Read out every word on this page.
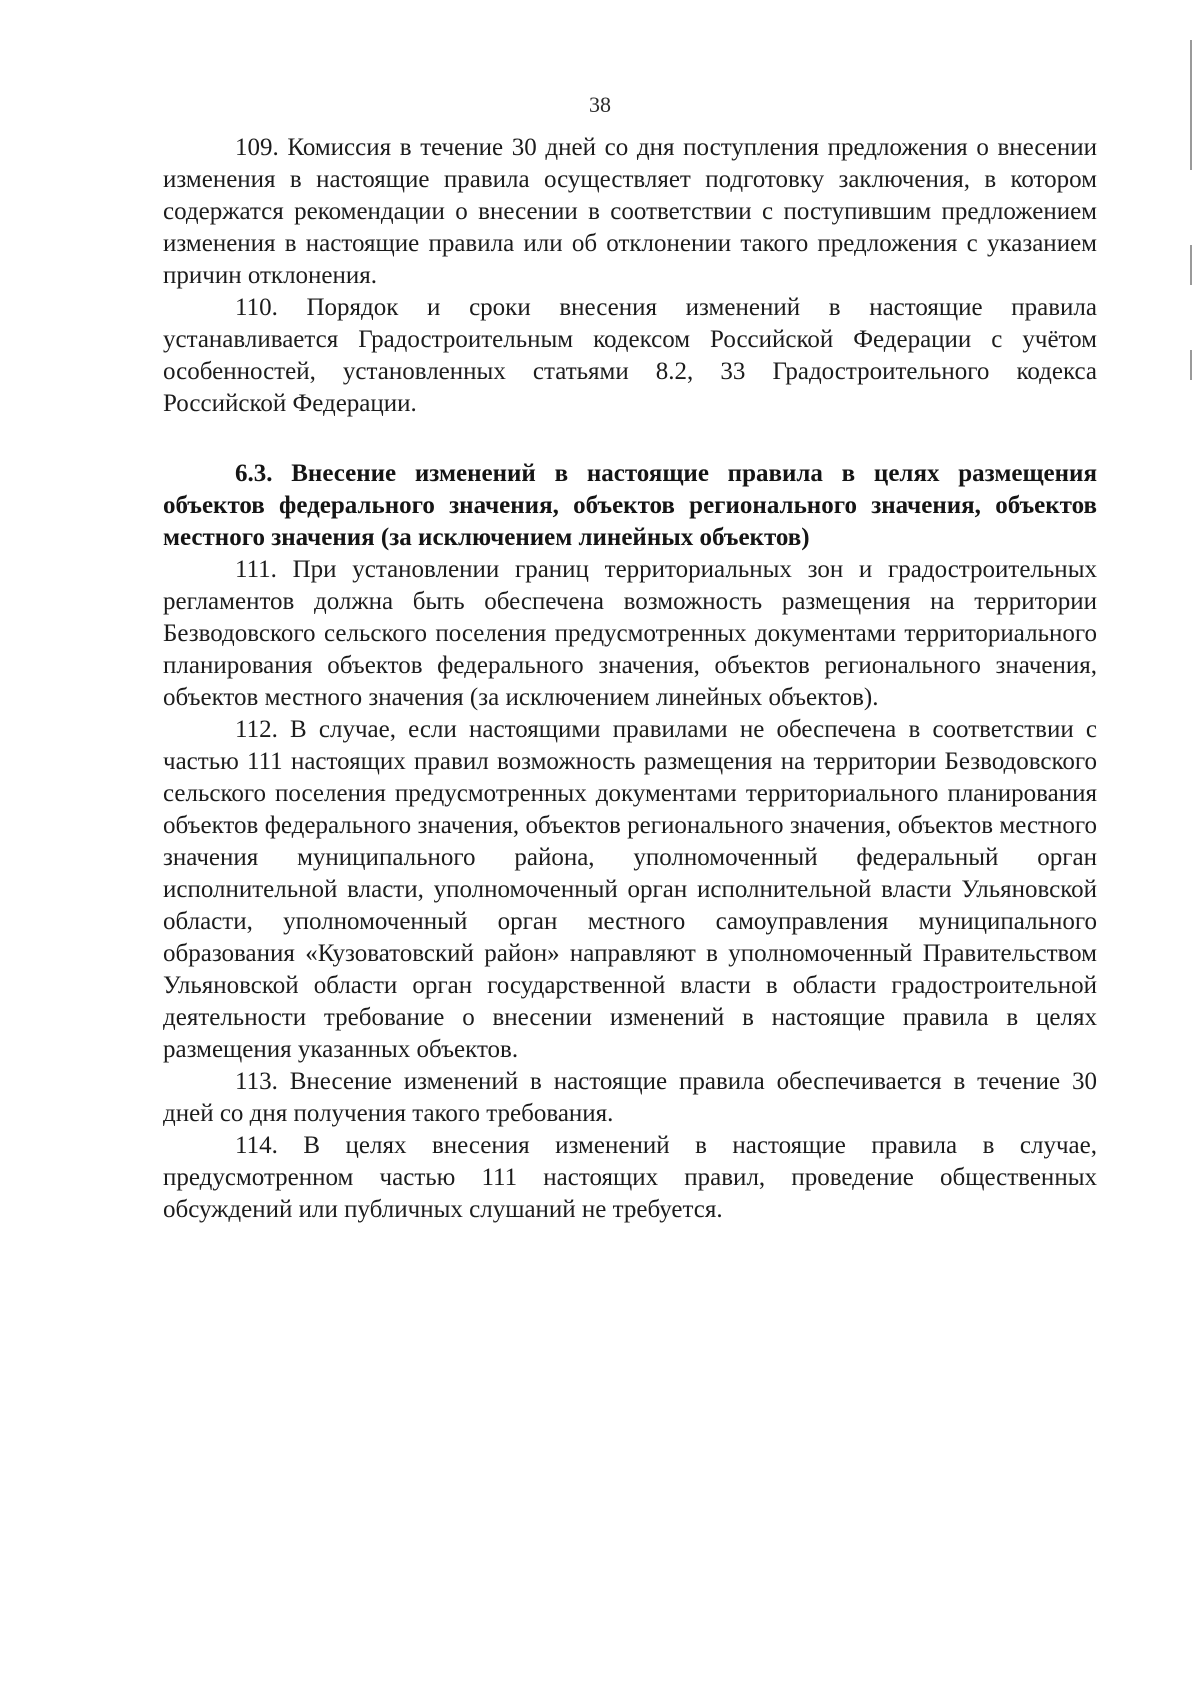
38

109. Комиссия в течение 30 дней со дня поступления предложения о внесении изменения в настоящие правила осуществляет подготовку заключения, в котором содержатся рекомендации о внесении в соответствии с поступившим предложением изменения в настоящие правила или об отклонении такого предложения с указанием причин отклонения.

110. Порядок и сроки внесения изменений в настоящие правила устанавливается Градостроительным кодексом Российской Федерации с учётом особенностей, установленных статьями 8.2, 33 Градостроительного кодекса Российской Федерации.

6.3. Внесение изменений в настоящие правила в целях размещения объектов федерального значения, объектов регионального значения, объектов местного значения (за исключением линейных объектов)

111. При установлении границ территориальных зон и градостроительных регламентов должна быть обеспечена возможность размещения на территории Безводовского сельского поселения предусмотренных документами территориального планирования объектов федерального значения, объектов регионального значения, объектов местного значения (за исключением линейных объектов).

112. В случае, если настоящими правилами не обеспечена в соответствии с частью 111 настоящих правил возможность размещения на территории Безводовского сельского поселения предусмотренных документами территориального планирования объектов федерального значения, объектов регионального значения, объектов местного значения муниципального района, уполномоченный федеральный орган исполнительной власти, уполномоченный орган исполнительной власти Ульяновской области, уполномоченный орган местного самоуправления муниципального образования «Кузоватовский район» направляют в уполномоченный Правительством Ульяновской области орган государственной власти в области градостроительной деятельности требование о внесении изменений в настоящие правила в целях размещения указанных объектов.

113. Внесение изменений в настоящие правила обеспечивается в течение 30 дней со дня получения такого требования.

114. В целях внесения изменений в настоящие правила в случае, предусмотренном частью 111 настоящих правил, проведение общественных обсуждений или публичных слушаний не требуется.
